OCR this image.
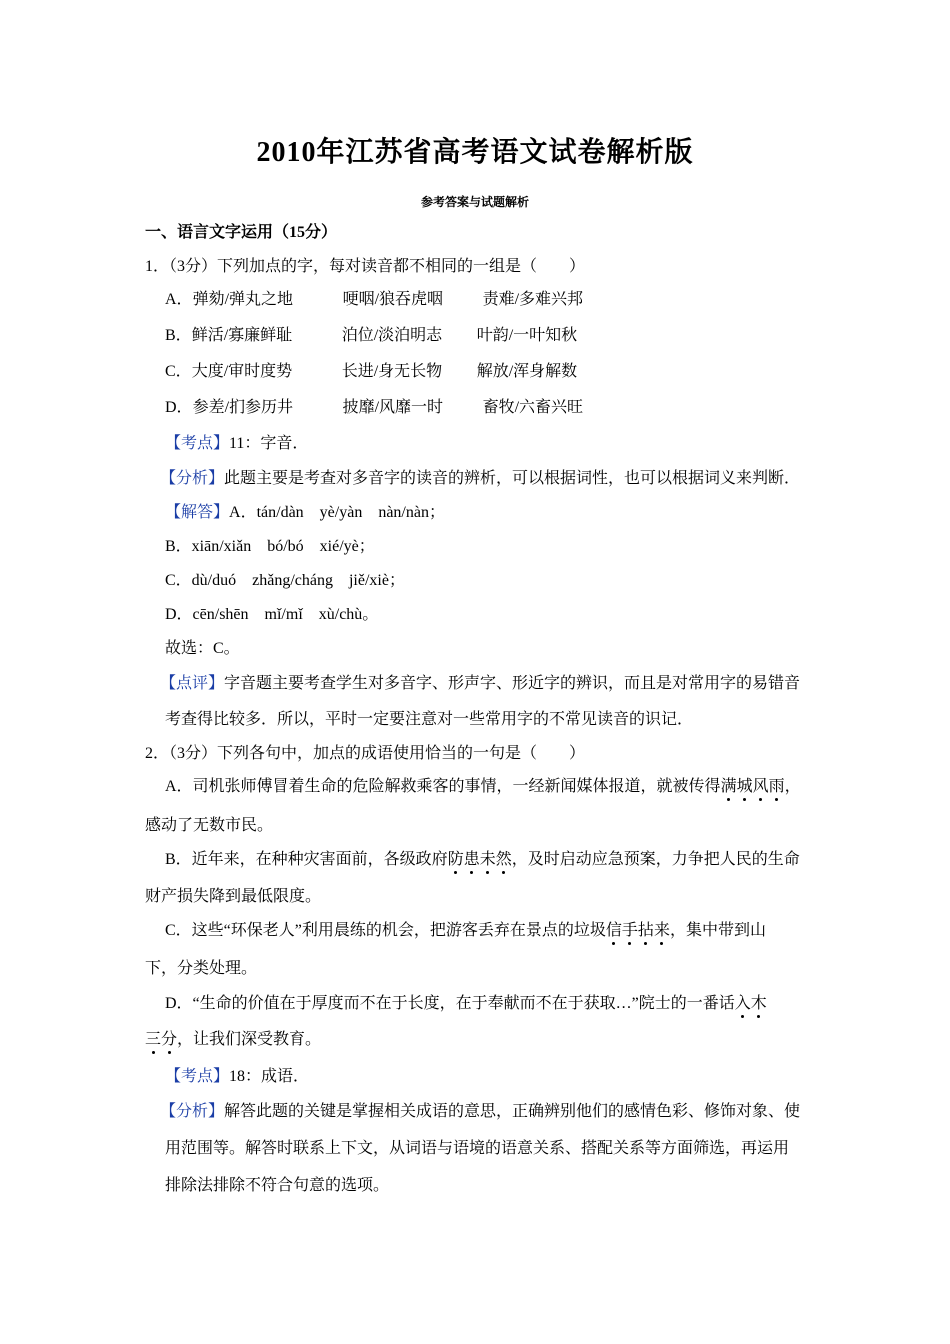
2010年江苏省高考语文试卷解析版
参考答案与试题解析
一、语言文字运用（15分）
1．（3分）下列加点的字，每对读音都不相同的一组是（　　）
A．弹劾/弹丸之地	哽咽/狼吞虎咽 责难/多难兴邦
B．鲜活/寡廉鲜耻	泊位/淡泊明志 叶韵/一叶知秋
C．大度/审时度势	长进/身无长物 解放/浑身解数
D．参差/扪参历井	披靡/风靡一时 畜牧/六畜兴旺
【考点】11：字音．
【分析】此题主要是考查对多音字的读音的辨析，可以根据词性，也可以根据词义来判断．
【解答】A．tán/dàn　yè/yàn　nàn/nàn；
B．xiān/xiǎn　bó/bó　xié/yè；
C．dù/duó　zhǎng/cháng　jiě/xiè；
D．cēn/shēn　mǐ/mǐ　xù/chù。
故选：C。
【点评】字音题主要考查学生对多音字、形声字、形近字的辨识，而且是对常用字的易错音
考查得比较多．所以，平时一定要注意对一些常用字的不常见读音的识记．
2．（3分）下列各句中，加点的成语使用恰当的一句是（　　）
A．司机张师傅冒着生命的危险解救乘客的事情，一经新闻媒体报道，就被传得满城风雨，
感动了无数市民。
B．近年来，在种种灾害面前，各级政府防患未然，及时启动应急预案，力争把人民的生命
财产损失降到最低限度。
C．这些“环保老人”利用晨练的机会，把游客丢弃在景点的垃圾信手拈来，集中带到山
下，分类处理。
D．“生命的价值在于厚度而不在于长度，在于奉献而不在于获取…”院士的一番话入木
三分，让我们深受教育。
【考点】18：成语．
【分析】解答此题的关键是掌握相关成语的意思，正确辨别他们的感情色彩、修饰对象、使
用范围等。解答时联系上下文，从词语与语境的语意关系、搭配关系等方面筛选，再运用
排除法排除不符合句意的选项。
